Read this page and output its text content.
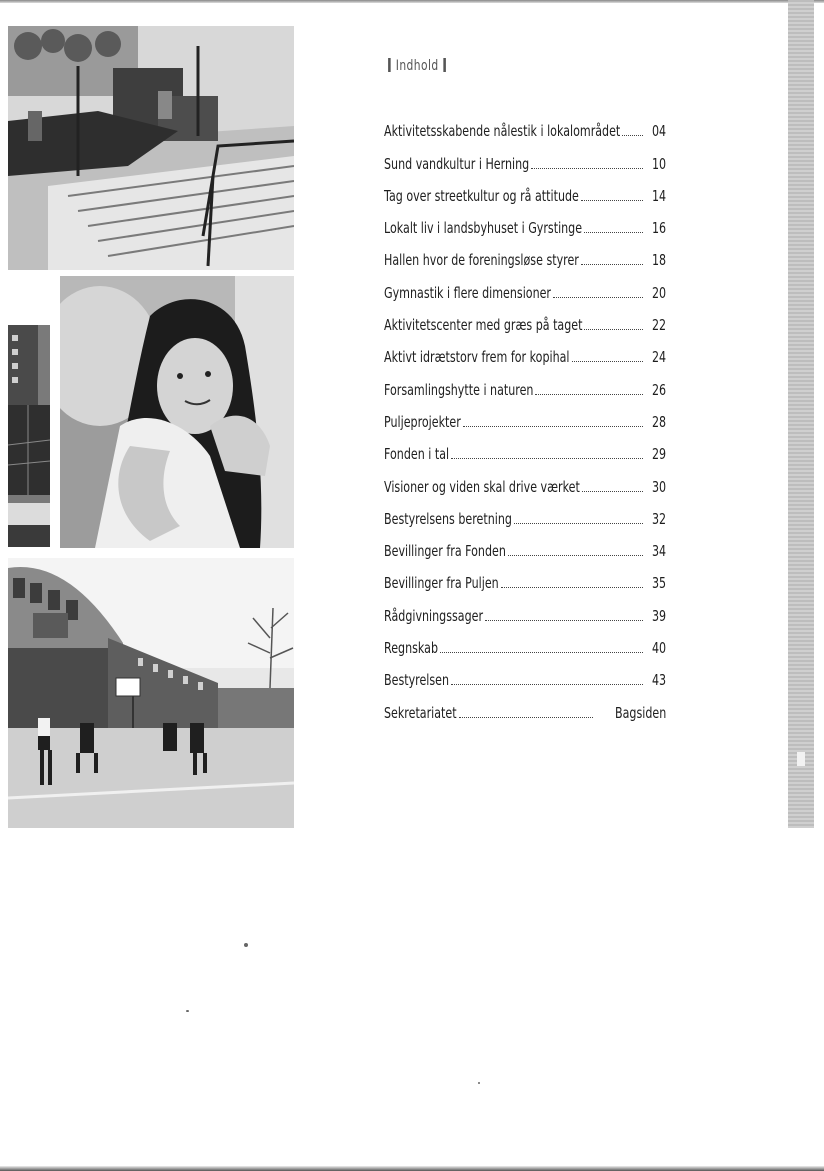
Indhold
Aktivitetsskabende nålestik i lokalområdet 04
Sund vandkultur i Herning	10
Tag over streetkultur og rå attitude	14
Lokalt liv i landsbyhuset i Gyrstinge	16
Hallen hvor de foreningsløse styrer	18
Gymnastik i flere dimensioner	20
Aktivitetscenter med græs på taget	22
Aktivt idrætstorv frem for kopihal	24
Forsamlingshytte i naturen	26
Puljeprojekter	28
Fonden i tal	29
Visioner og viden skal drive værket	30
Bestyrelsens beretning	32
Bevillinger fra Fonden	34
Bevillinger fra Puljen	35
Rådgivningssager	39
Regnskab	40
Bestyrelsen	43
Sekretariatet	Bagsiden
